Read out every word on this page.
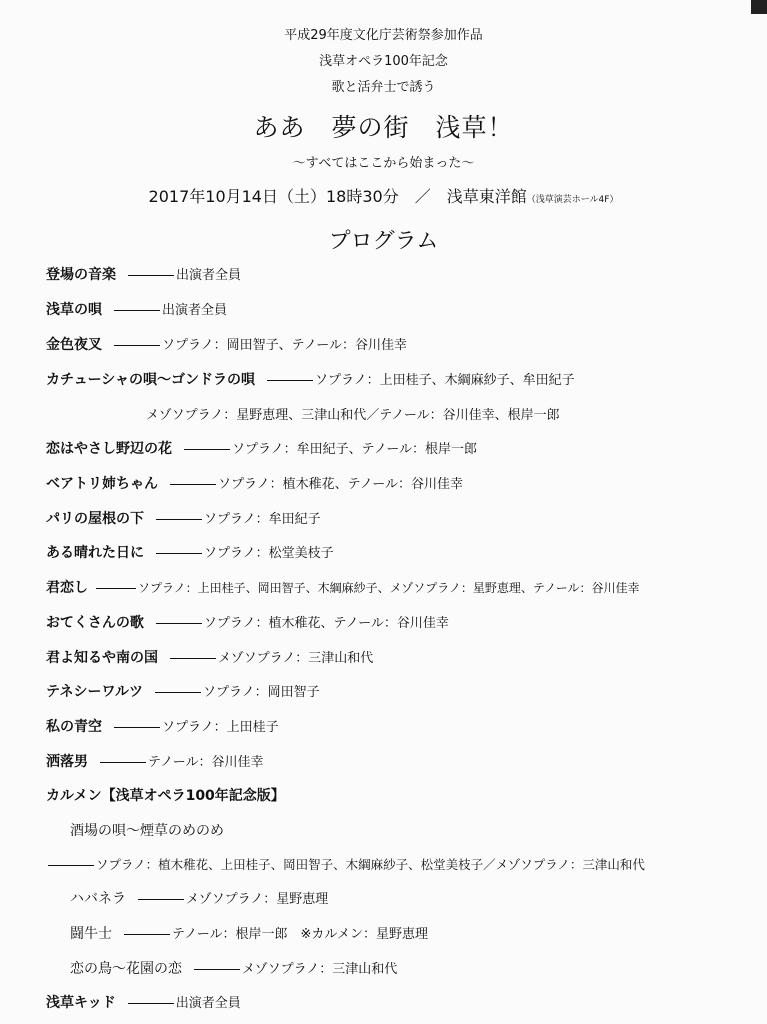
平成29年度文化庁芸術祭参加作品
浅草オペラ100年記念
歌と活弁士で誘う
ああ　夢の街　浅草！
～すべてはここから始まった～
2017年10月14日（土）18時30分　／　浅草東洋館（浅草演芸ホール4F）
プログラム
登場の音楽	出演者全員
浅草の唄	出演者全員
金色夜叉	ソプラノ：岡田智子、テノール：谷川佳幸
カチューシャの唄～ゴンドラの唄	ソプラノ：上田桂子、木綱麻紗子、牟田紀子
メゾソプラノ：星野恵理、三津山和代／テノール：谷川佳幸、根岸一郎
恋はやさし野辺の花	ソプラノ：牟田紀子、テノール：根岸一郎
ベアトリ姉ちゃん	ソプラノ：植木稚花、テノール：谷川佳幸
パリの屋根の下	ソプラノ：牟田紀子
ある晴れた日に	ソプラノ：松堂美枝子
君恋し	ソプラノ：上田桂子、岡田智子、木綱麻紗子、メゾソプラノ：星野恵理、テノール：谷川佳幸
おてくさんの歌	ソプラノ：植木稚花、テノール：谷川佳幸
君よ知るや南の国	メゾソプラノ：三津山和代
テネシーワルツ	ソプラノ：岡田智子
私の青空	ソプラノ：上田桂子
洒落男	テノール：谷川佳幸
カルメン【浅草オペラ100年記念版】
酒場の唄～煙草のめのめ
ソプラノ：植木稚花、上田桂子、岡田智子、木綱麻紗子、松堂美枝子／メゾソプラノ：三津山和代
ハバネラ	メゾソプラノ：星野恵理
闘牛士	テノール：根岸一郎　※カルメン：星野恵理
恋の鳥～花園の恋	メゾソプラノ：三津山和代
浅草キッド	出演者全員
